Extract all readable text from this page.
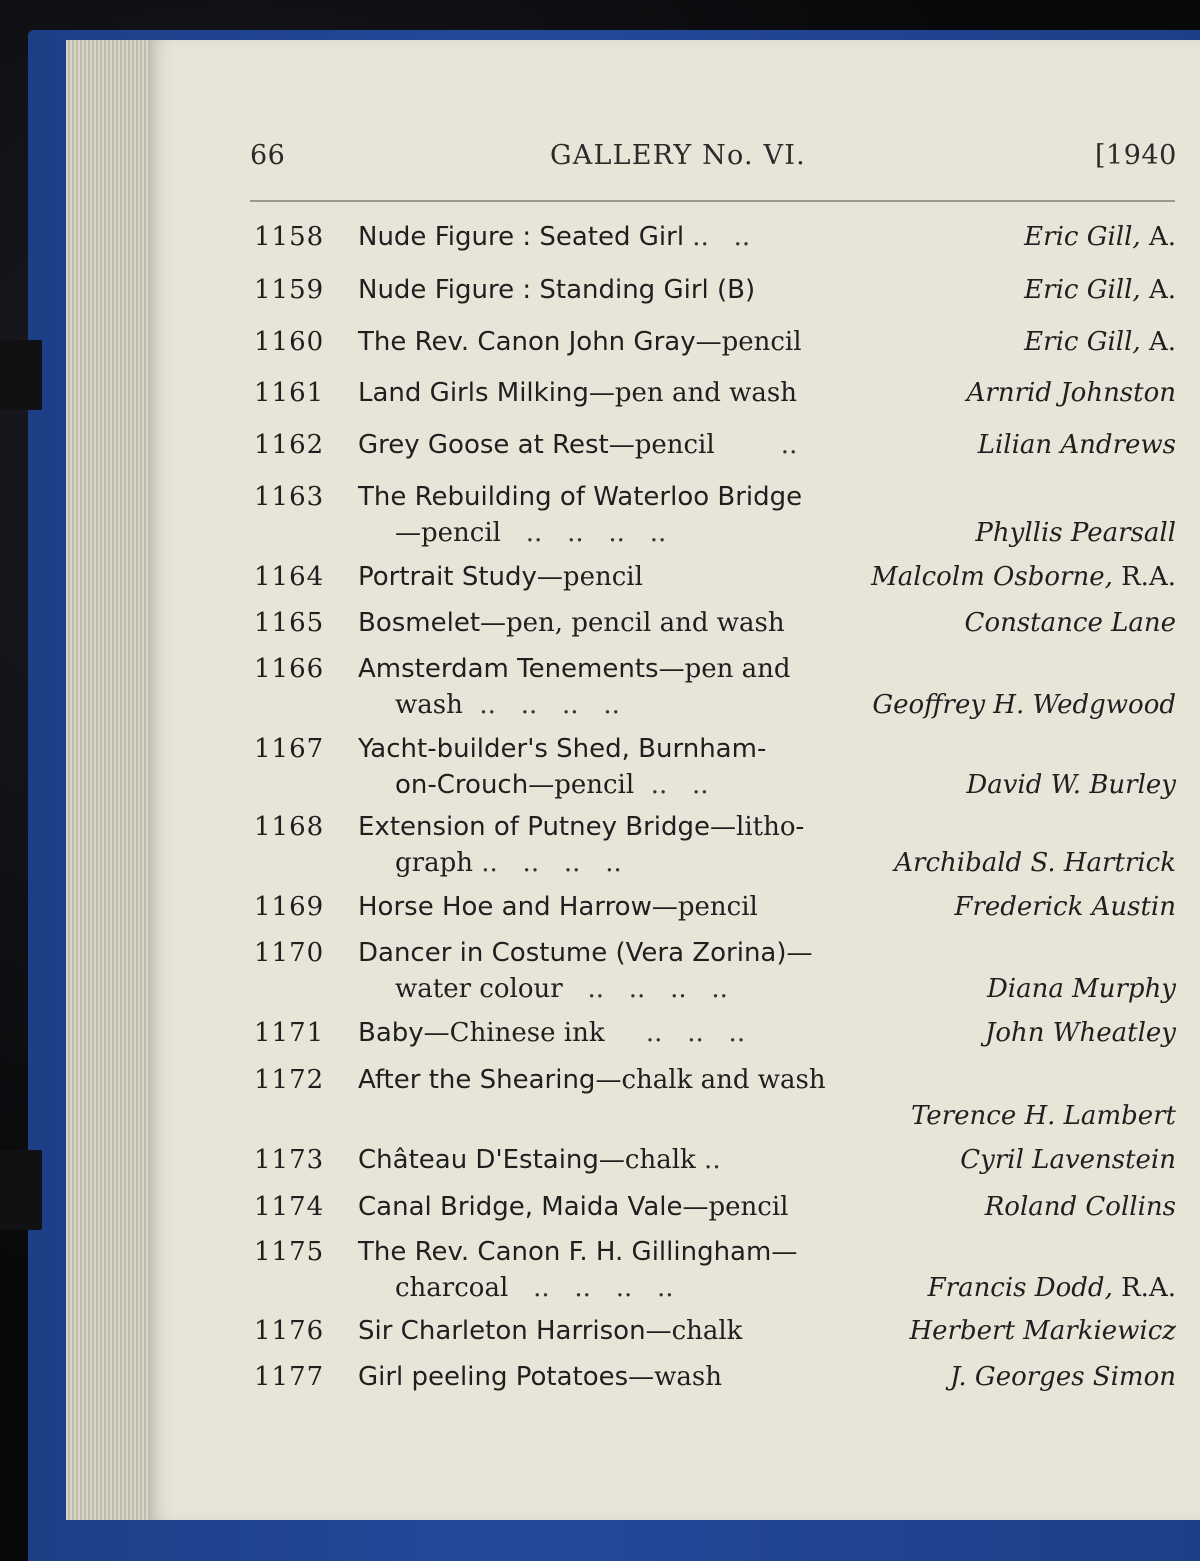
66	GALLERY No. VI.	[1940
1158 Nude Figure : Seated Girl ..   ..	Eric Gill, A.
1159 Nude Figure : Standing Girl (B)	Eric Gill, A.
1160 The Rev. Canon John Gray—pencil	Eric Gill, A.
1161 Land Girls Milking—pen and wash	Arnrid Johnston
1162 Grey Goose at Rest—pencil        ..	Lilian Andrews
1163 The Rebuilding of Waterloo Bridge
—pencil   ..   ..   ..   ..	Phyllis Pearsall
1164 Portrait Study—pencil	Malcolm Osborne, R.A.
1165 Bosmelet—pen, pencil and wash	Constance Lane
1166 Amsterdam Tenements—pen and
wash  ..   ..   ..   ..	Geoffrey H. Wedgwood
1167 Yacht-builder's Shed, Burnham-
on-Crouch—pencil  ..   ..	David W. Burley
1168 Extension of Putney Bridge—litho-
graph ..   ..   ..   ..	Archibald S. Hartrick
1169 Horse Hoe and Harrow—pencil	Frederick Austin
1170 Dancer in Costume (Vera Zorina)—
water colour   ..   ..   ..   ..	Diana Murphy
1171 Baby—Chinese ink     ..   ..   ..	John Wheatley
1172 After the Shearing—chalk and wash
Terence H. Lambert
1173 Château D'Estaing—chalk ..	Cyril Lavenstein
1174 Canal Bridge, Maida Vale—pencil	Roland Collins
1175 The Rev. Canon F. H. Gillingham—
charcoal   ..   ..   ..   ..	Francis Dodd, R.A.
1176 Sir Charleton Harrison—chalk	Herbert Markiewicz
1177 Girl peeling Potatoes—wash	J. Georges Simon
